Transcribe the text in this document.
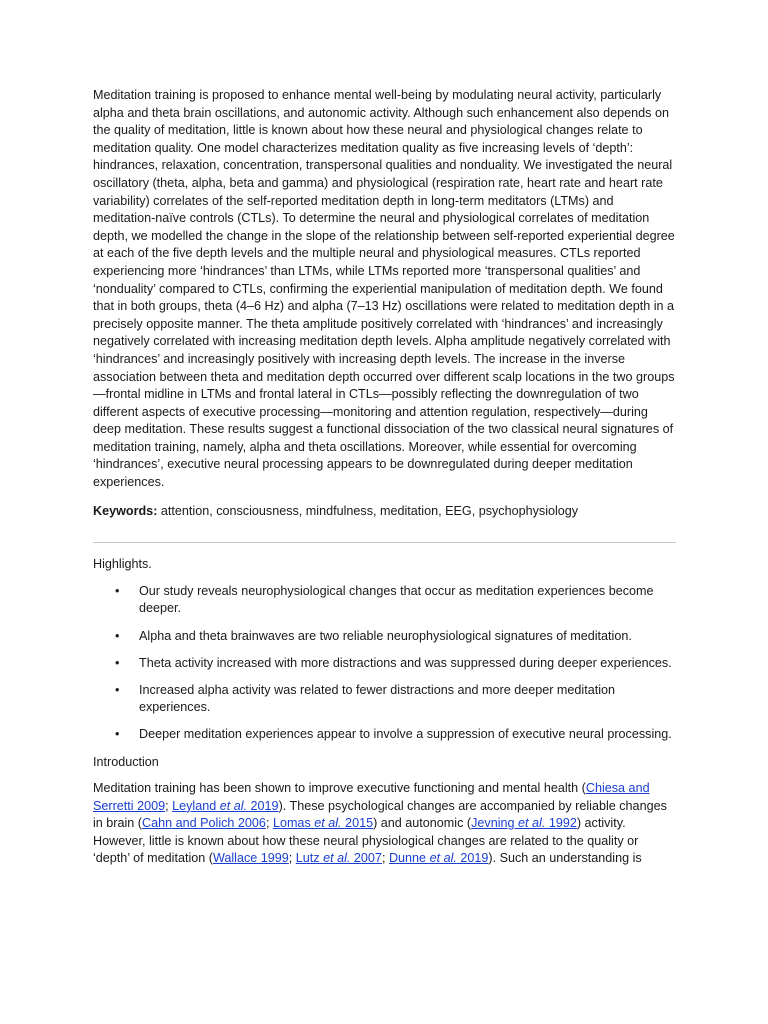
Meditation training is proposed to enhance mental well-being by modulating neural activity, particularly alpha and theta brain oscillations, and autonomic activity. Although such enhancement also depends on the quality of meditation, little is known about how these neural and physiological changes relate to meditation quality. One model characterizes meditation quality as five increasing levels of ‘depth’: hindrances, relaxation, concentration, transpersonal qualities and nonduality. We investigated the neural oscillatory (theta, alpha, beta and gamma) and physiological (respiration rate, heart rate and heart rate variability) correlates of the self-reported meditation depth in long-term meditators (LTMs) and meditation-naïve controls (CTLs). To determine the neural and physiological correlates of meditation depth, we modelled the change in the slope of the relationship between self-reported experiential degree at each of the five depth levels and the multiple neural and physiological measures. CTLs reported experiencing more ‘hindrances’ than LTMs, while LTMs reported more ‘transpersonal qualities’ and ‘nonduality’ compared to CTLs, confirming the experiential manipulation of meditation depth. We found that in both groups, theta (4–6 Hz) and alpha (7–13 Hz) oscillations were related to meditation depth in a precisely opposite manner. The theta amplitude positively correlated with ‘hindrances’ and increasingly negatively correlated with increasing meditation depth levels. Alpha amplitude negatively correlated with ‘hindrances’ and increasingly positively with increasing depth levels. The increase in the inverse association between theta and meditation depth occurred over different scalp locations in the two groups—frontal midline in LTMs and frontal lateral in CTLs—possibly reflecting the downregulation of two different aspects of executive processing—monitoring and attention regulation, respectively—during deep meditation. These results suggest a functional dissociation of the two classical neural signatures of meditation training, namely, alpha and theta oscillations. Moreover, while essential for overcoming ‘hindrances’, executive neural processing appears to be downregulated during deeper meditation experiences.

Keywords: attention, consciousness, mindfulness, meditation, EEG, psychophysiology

Highlights.

• Our study reveals neurophysiological changes that occur as meditation experiences become deeper.
• Alpha and theta brainwaves are two reliable neurophysiological signatures of meditation.
• Theta activity increased with more distractions and was suppressed during deeper experiences.
• Increased alpha activity was related to fewer distractions and more deeper meditation experiences.
• Deeper meditation experiences appear to involve a suppression of executive neural processing.

Introduction

Meditation training has been shown to improve executive functioning and mental health (Chiesa and Serretti 2009; Leyland et al. 2019). These psychological changes are accompanied by reliable changes in brain (Cahn and Polich 2006; Lomas et al. 2015) and autonomic (Jevning et al. 1992) activity. However, little is known about how these neural physiological changes are related to the quality or ‘depth’ of meditation (Wallace 1999; Lutz et al. 2007; Dunne et al. 2019). Such an understanding is
